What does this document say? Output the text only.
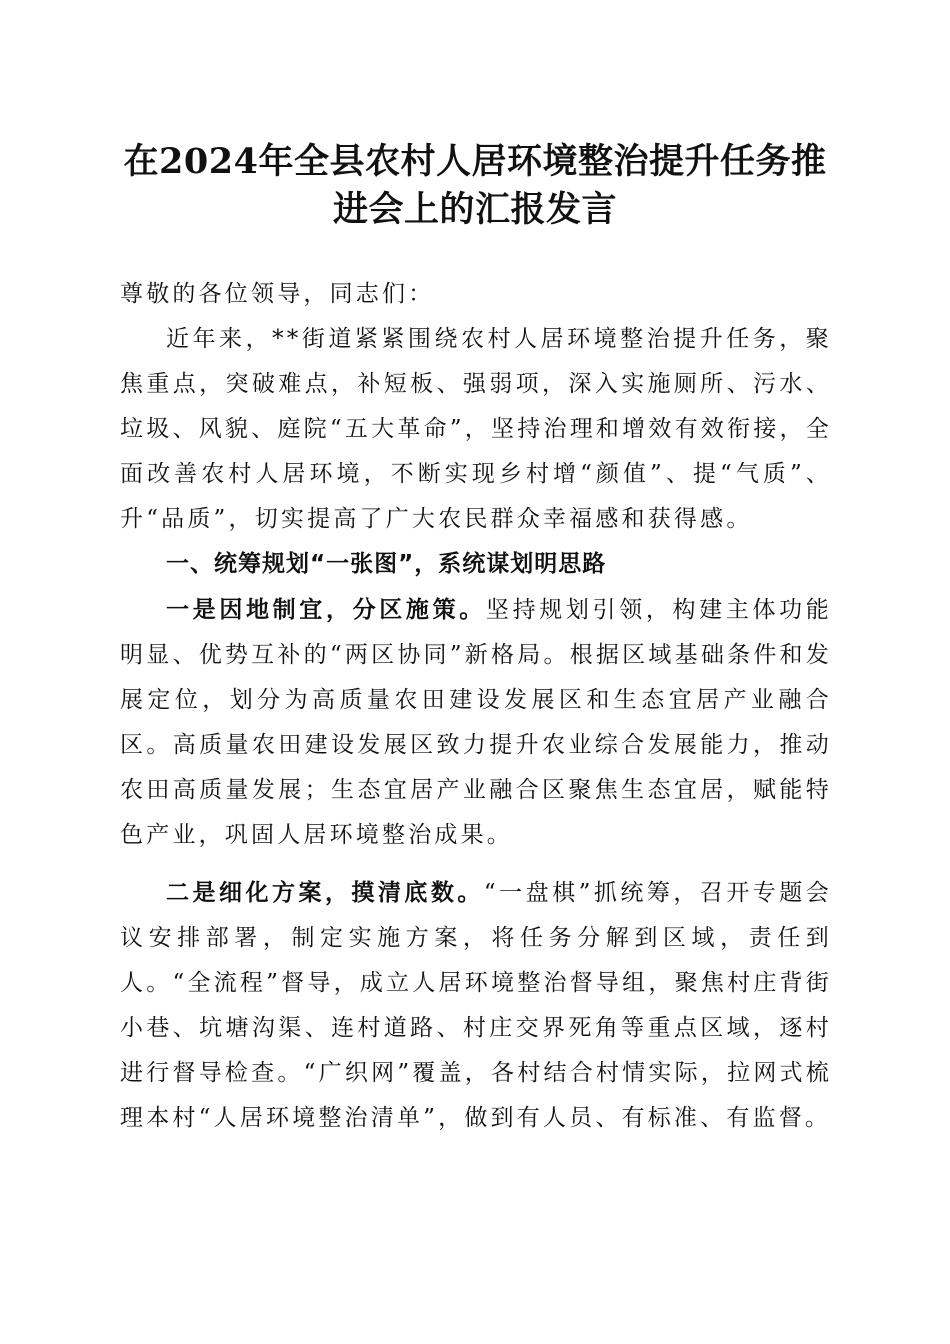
在2024年全县农村人居环境整治提升任务推
进会上的汇报发言

尊敬的各位领导，同志们：

近年来，**街道紧紧围绕农村人居环境整治提升任务，聚焦重点，突破难点，补短板、强弱项，深入实施厕所、污水、垃圾、风貌、庭院“五大革命”，坚持治理和增效有效衔接，全面改善农村人居环境，不断实现乡村增“颜值”、提“气质”、升“品质”，切实提高了广大农民群众幸福感和获得感。

一、统筹规划“一张图”，系统谋划明思路

一是因地制宜，分区施策。坚持规划引领，构建主体功能明显、优势互补的“两区协同”新格局。根据区域基础条件和发展定位，划分为高质量农田建设发展区和生态宜居产业融合区。高质量农田建设发展区致力提升农业综合发展能力，推动农田高质量发展；生态宜居产业融合区聚焦生态宜居，赋能特色产业，巩固人居环境整治成果。

二是细化方案，摸清底数。“一盘棋”抓统筹，召开专题会议安排部署，制定实施方案，将任务分解到区域，责任到人。“全流程”督导，成立人居环境整治督导组，聚焦村庄背街小巷、坑塘沟渠、连村道路、村庄交界死角等重点区域，逐村进行督导检查。“广织网”覆盖，各村结合村情实际，拉网式梳理本村“人居环境整治清单”，做到有人员、有标准、有监督。
